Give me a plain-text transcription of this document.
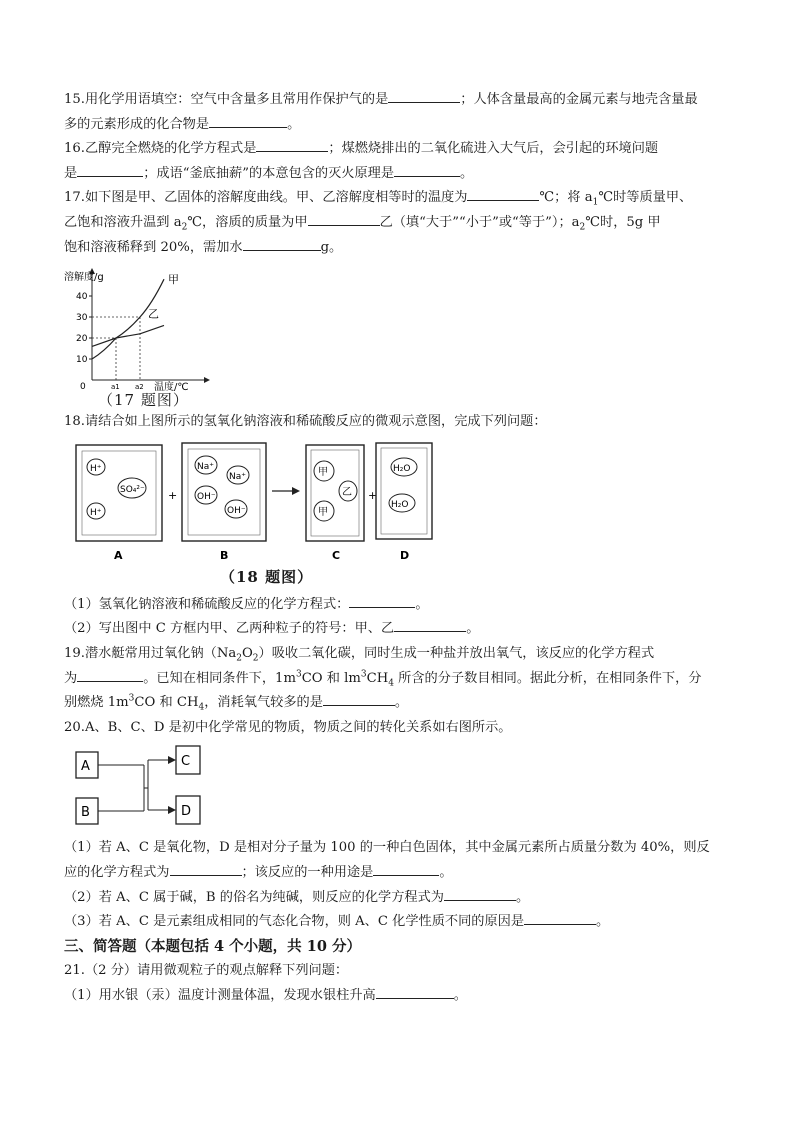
15.用化学用语填空：空气中含量多且常用作保护气的是	；人体含量最高的金属元素与地壳含量最
多的元素形成的化合物是	。
16.乙醇完全燃烧的化学方程式是	；煤燃烧排出的二氧化硫进入大气后，会引起的环境问题
是	；成语“釜底抽薪”的本意包含的灭火原理是	。
17.如下图是甲、乙固体的溶解度曲线。甲、乙溶解度相等时的温度为	℃；将 $a_1℃$时等质量甲、
乙饱和溶液升温到 $a_2℃$，溶质的质量为甲	乙（填“大于”“小于”或“等于”）；$a_2℃$时，5g 甲
饱和溶液稀释到 20%，需加水	g。
溶解度/g
温度/℃
40
30
20
10
0	a1 a2
甲
乙
（17 题图）
18.请结合如上图所示的氢氧化钠溶液和稀硫酸反应的微观示意图，完成下列问题：
H⁺
SO₄²⁻
H⁺
A
+
Na⁺
Na⁺
OH⁻
OH⁻
B
甲
乙
甲
C
+
H₂O
H₂O
D
（18 题图）
（1）氢氧化钠溶液和稀硫酸反应的化学方程式：	。
（2）写出图中 C 方框内甲、乙两种粒子的符号：甲、乙	。
19.潜水艇常用过氧化钠$(Na_2O_2)$吸收二氧化碳，同时生成一种盐并放出氧气，该反应的化学方程式
为	。已知在相同条件下，$1m^3CO$ 和 $lm^3CH_4$ 所含的分子数目相同。据此分析，在相同条件下，分
别燃烧 $1m^3CO$ 和 $CH_4$，消耗氧气较多的是	。
20.A、B、C、D 是初中化学常见的物质，物质之间的转化关系如右图所示。
A
B
C
D
（1）若 A、C 是氧化物，D 是相对分子量为 100 的一种白色固体，其中金属元素所占质量分数为 40%，则反
应的化学方程式为	；该反应的一种用途是	。
（2）若 A、C 属于碱，B 的俗名为纯碱，则反应的化学方程式为	。
（3）若 A、C 是元素组成相同的气态化合物，则 A、C 化学性质不同的原因是	。
三、简答题（本题包括 4 个小题，共 10 分）
21.（2 分）请用微观粒子的观点解释下列问题：
（1）用水银（汞）温度计测量体温，发现水银柱升高	。
